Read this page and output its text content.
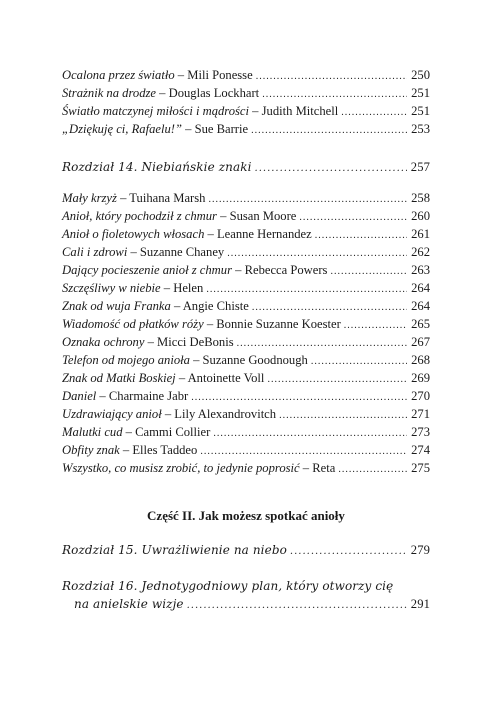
Ocalona przez światło – Mili Ponesse .....	250
Strażnik na drodze – Douglas Lockhart .....	251
Światło matczynej miłości i mądrości – Judith Mitchell .....	251
„Dziękuję ci, Rafaelu!” – Sue Barrie .....	253
Rozdział 14. Niebiańskie znaki .....	257
Mały krzyż – Tuihana Marsh .....	258
Anioł, który pochodził z chmur – Susan Moore .....	260
Anioł o fioletowych włosach – Leanne Hernandez .....	261
Cali i zdrowi – Suzanne Chaney .....	262
Dający pocieszenie anioł z chmur – Rebecca Powers .....	263
Szczęśliwy w niebie – Helen .....	264
Znak od wuja Franka – Angie Chiste .....	264
Wiadomość od płatków róży – Bonnie Suzanne Koester .....	265
Oznaka ochrony – Micci DeBonis .....	267
Telefon od mojego anioła – Suzanne Goodnough .....	268
Znak od Matki Boskiej – Antoinette Voll .....	269
Daniel – Charmaine Jabr .....	270
Uzdrawiający anioł – Lily Alexandrovitch .....	271
Malutki cud – Cammi Collier .....	273
Obfity znak – Elles Taddeo .....	274
Wszystko, co musisz zrobić, to jedynie poprosić – Reta .....	275
Część II. Jak możesz spotkać anioły
Rozdział 15. Uwrażliwienie na niebo .....	279
Rozdział 16. Jednotygodniowy plan, który otworzy cię
na anielskie wizje .....	291
